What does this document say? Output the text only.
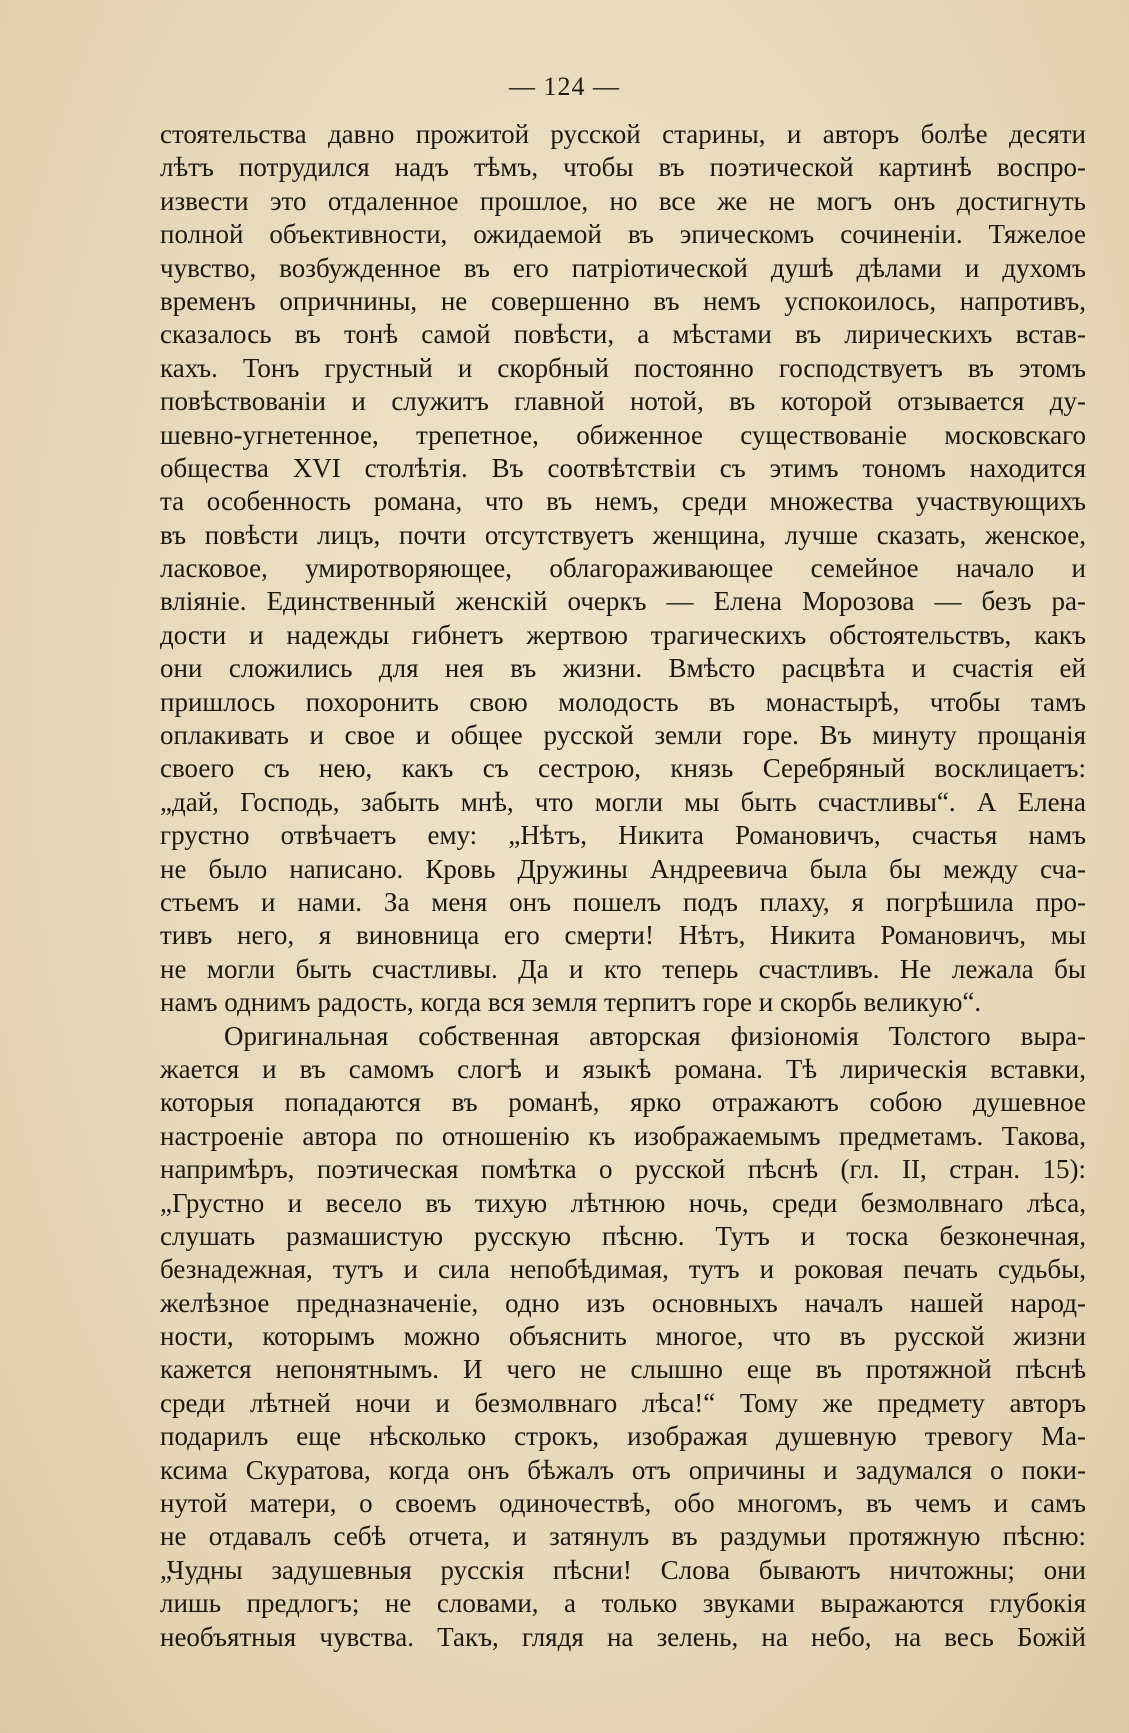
— 124 —
стоятельства давно прожитой русской старины, и авторъ болѣе десяти
лѣтъ потрудился надъ тѣмъ, чтобы въ поэтической картинѣ воспро-
извести это отдаленное прошлое, но все же не могъ онъ достигнуть
полной объективности, ожидаемой въ эпическомъ сочиненіи. Тяжелое
чувство, возбужденное въ его патріотической душѣ дѣлами и духомъ
временъ опричнины, не совершенно въ немъ успокоилось, напротивъ,
сказалось въ тонѣ самой повѣсти, а мѣстами въ лирическихъ встав-
кахъ. Тонъ грустный и скорбный постоянно господствуетъ въ этомъ
повѣствованіи и служитъ главной нотой, въ которой отзывается ду-
шевно-угнетенное, трепетное, обиженное существованіе московскаго
общества XVI столѣтія. Въ соотвѣтствіи съ этимъ тономъ находится
та особенность романа, что въ немъ, среди множества участвующихъ
въ повѣсти лицъ, почти отсутствуетъ женщина, лучше сказать, женское,
ласковое, умиротворяющее, облагораживающее семейное начало и
вліяніе. Единственный женскій очеркъ — Елена Морозова — безъ ра-
дости и надежды гибнетъ жертвою трагическихъ обстоятельствъ, какъ
они сложились для нея въ жизни. Вмѣсто расцвѣта и счастія ей
пришлось похоронить свою молодость въ монастырѣ, чтобы тамъ
оплакивать и свое и общее русской земли горе. Въ минуту прощанія
своего съ нею, какъ съ сестрою, князь Серебряный восклицаетъ:
„дай, Господь, забыть мнѣ, что могли мы быть счастливы“. А Елена
грустно отвѣчаетъ ему: „Нѣтъ, Никита Романовичъ, счастья намъ
не было написано. Кровь Дружины Андреевича была бы между сча-
стьемъ и нами. За меня онъ пошелъ подъ плаху, я погрѣшила про-
тивъ него, я виновница его смерти! Нѣтъ, Никита Романовичъ, мы
не могли быть счастливы. Да и кто теперь счастливъ. Не лежала бы
намъ однимъ радость, когда вся земля терпитъ горе и скорбь великую“.
Оригинальная собственная авторская физіономія Толстого выра-
жается и въ самомъ слогѣ и языкѣ романа. Тѣ лирическія вставки,
которыя попадаются въ романѣ, ярко отражаютъ собою душевное
настроеніе автора по отношенію къ изображаемымъ предметамъ. Такова,
напримѣръ, поэтическая помѣтка о русской пѣснѣ (гл. II, стран. 15):
„Грустно и весело въ тихую лѣтнюю ночь, среди безмолвнаго лѣса,
слушать размашистую русскую пѣсню. Тутъ и тоска безконечная,
безнадежная, тутъ и сила непобѣдимая, тутъ и роковая печать судьбы,
желѣзное предназначеніе, одно изъ основныхъ началъ нашей народ-
ности, которымъ можно объяснить многое, что въ русской жизни
кажется непонятнымъ. И чего не слышно еще въ протяжной пѣснѣ
среди лѣтней ночи и безмолвнаго лѣса!“ Тому же предмету авторъ
подарилъ еще нѣсколько строкъ, изображая душевную тревогу Ма-
ксима Скуратова, когда онъ бѣжалъ отъ опричины и задумался о поки-
нутой матери, о своемъ одиночествѣ, обо многомъ, въ чемъ и самъ
не отдавалъ себѣ отчета, и затянулъ въ раздумьи протяжную пѣсню:
„Чудны задушевныя русскія пѣсни! Слова бываютъ ничтожны; они
лишь предлогъ; не словами, а только звуками выражаются глубокія
необъятныя чувства. Такъ, глядя на зелень, на небо, на весь Божій
